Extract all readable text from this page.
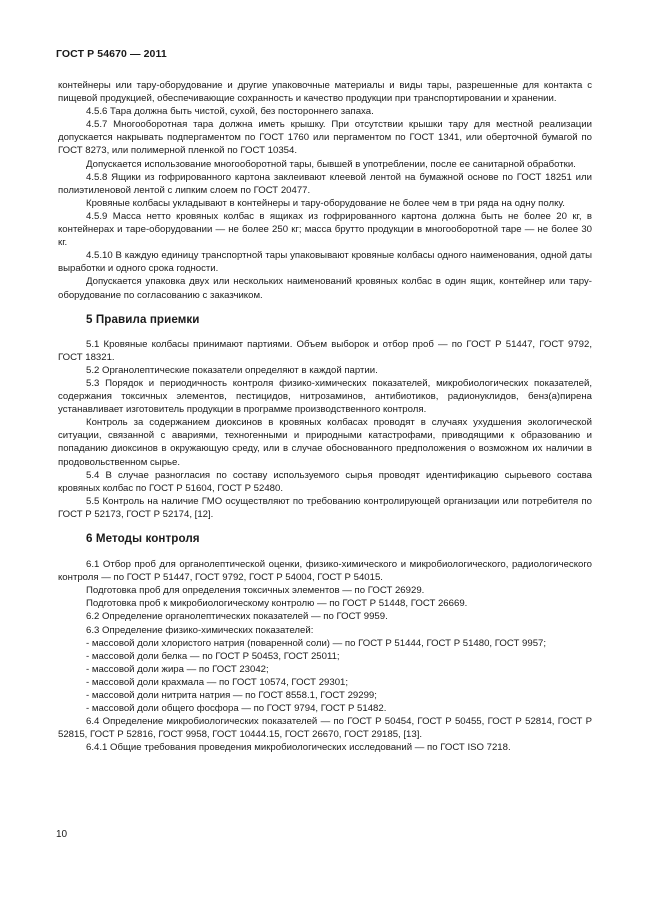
ГОСТ Р 54670 — 2011

контейнеры или тару-оборудование и другие упаковочные материалы и виды тары, разрешенные для контакта с пищевой продукцией, обеспечивающие сохранность и качество продукции при транспортировании и хранении.

4.5.6 Тара должна быть чистой, сухой, без постороннего запаха.

4.5.7 Многооборотная тара должна иметь крышку. При отсутствии крышки тару для местной реализации допускается накрывать подпергаментом по ГОСТ 1760 или пергаментом по ГОСТ 1341, или оберточной бумагой по ГОСТ 8273, или полимерной пленкой по ГОСТ 10354.

Допускается использование многооборотной тары, бывшей в употреблении, после ее санитарной обработки.

4.5.8 Ящики из гофрированного картона заклеивают клеевой лентой на бумажной основе по ГОСТ 18251 или полиэтиленовой лентой с липким слоем по ГОСТ 20477.

Кровяные колбасы укладывают в контейнеры и тару-оборудование не более чем в три ряда на одну полку.

4.5.9 Масса нетто кровяных колбас в ящиках из гофрированного картона должна быть не более 20 кг, в контейнерах и таре-оборудовании — не более 250 кг; масса брутто продукции в многооборотной таре — не более 30 кг.

4.5.10 В каждую единицу транспортной тары упаковывают кровяные колбасы одного наименования, одной даты выработки и одного срока годности.

Допускается упаковка двух или нескольких наименований кровяных колбас в один ящик, контейнер или тару-оборудование по согласованию с заказчиком.

5 Правила приемки

5.1 Кровяные колбасы принимают партиями. Объем выборок и отбор проб — по ГОСТ Р 51447, ГОСТ 9792, ГОСТ 18321.

5.2 Органолептические показатели определяют в каждой партии.

5.3 Порядок и периодичность контроля физико-химических показателей, микробиологических показателей, содержания токсичных элементов, пестицидов, нитрозаминов, антибиотиков, радионуклидов, бенз(а)пирена устанавливает изготовитель продукции в программе производственного контроля.

Контроль за содержанием диоксинов в кровяных колбасах проводят в случаях ухудшения экологической ситуации, связанной с авариями, техногенными и природными катастрофами, приводящими к образованию и попаданию диоксинов в окружающую среду, или в случае обоснованного предположения о возможном их наличии в продовольственном сырье.

5.4 В случае разногласия по составу используемого сырья проводят идентификацию сырьевого состава кровяных колбас по ГОСТ Р 51604, ГОСТ Р 52480.

5.5 Контроль на наличие ГМО осуществляют по требованию контролирующей организации или потребителя по ГОСТ Р 52173, ГОСТ Р 52174, [12].

6 Методы контроля

6.1 Отбор проб для органолептической оценки, физико-химического и микробиологического, радиологического контроля — по ГОСТ Р 51447, ГОСТ 9792, ГОСТ Р 54004, ГОСТ Р 54015.

Подготовка проб для определения токсичных элементов — по ГОСТ 26929.

Подготовка проб к микробиологическому контролю — по ГОСТ Р 51448, ГОСТ 26669.

6.2 Определение органолептических показателей — по ГОСТ 9959.

6.3 Определение физико-химических показателей:

- массовой доли хлористого натрия (поваренной соли) — по ГОСТ Р 51444, ГОСТ Р 51480, ГОСТ 9957;

- массовой доли белка — по ГОСТ Р 50453, ГОСТ 25011;

- массовой доли жира — по ГОСТ 23042;

- массовой доли крахмала — по ГОСТ 10574, ГОСТ 29301;

- массовой доли нитрита натрия — по ГОСТ 8558.1, ГОСТ 29299;

- массовой доли общего фосфора — по ГОСТ 9794, ГОСТ Р 51482.

6.4 Определение микробиологических показателей — по ГОСТ Р 50454, ГОСТ Р 50455, ГОСТ Р 52814, ГОСТ Р 52815, ГОСТ Р 52816, ГОСТ 9958, ГОСТ 10444.15, ГОСТ 26670, ГОСТ 29185, [13].

6.4.1 Общие требования проведения микробиологических исследований — по ГОСТ ISO 7218.

10
